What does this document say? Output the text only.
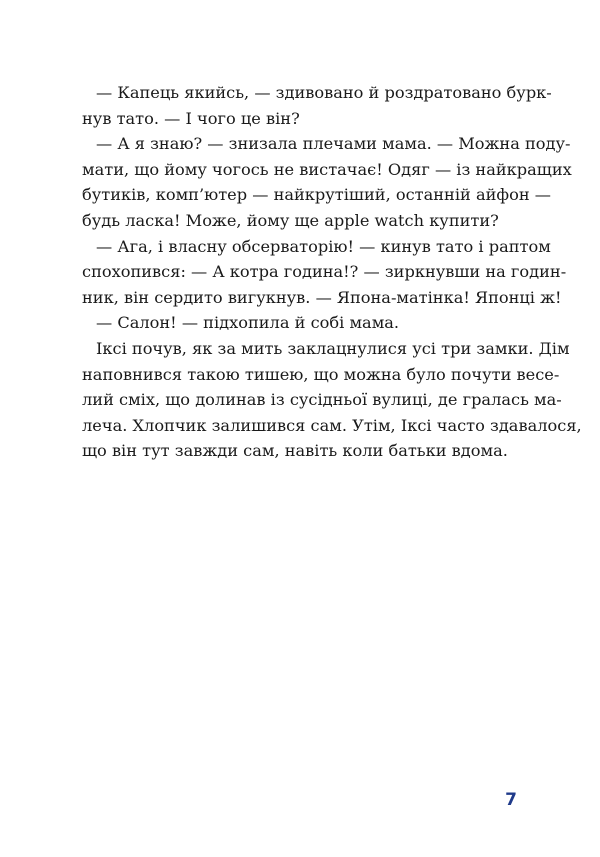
— Капець якийсь, — здивовано й роздратовано бурк-
нув тато. — І чого це він?
— А я знаю? — знизала плечами мама. — Можна поду-
мати, що йому чогось не вистачає! Одяг — із найкращих
бутиків, комп’ютер — найкрутіший, останній айфон —
будь ласка! Може, йому ще apple watch купити?
— Ага, і власну обсерваторію! — кинув тато і раптом
спохопився: — А котра година!? — зиркнувши на годин-
ник, він сердито вигукнув. — Япона-матінка! Японці ж!
— Салон! — підхопила й собі мама.
Іксі почув, як за мить заклацнулися усі три замки. Дім
наповнився такою тишею, що можна було почути весе-
лий сміх, що долинав із сусідньої вулиці, де гралась ма-
леча. Хлопчик залишився сам. Утім, Іксі часто здавалося,
що він тут завжди сам, навіть коли батьки вдома.
7
